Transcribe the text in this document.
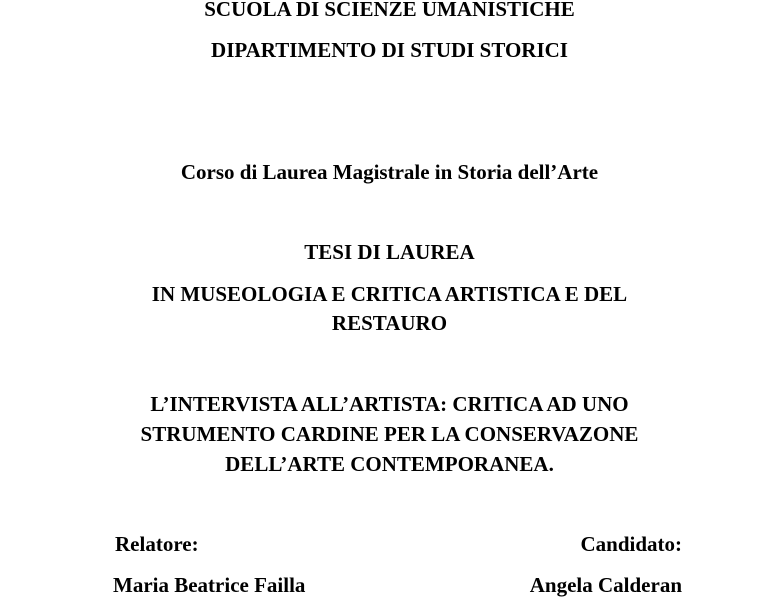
SCUOLA DI SCIENZE UMANISTICHE
DIPARTIMENTO DI STUDI STORICI
Corso di Laurea Magistrale in Storia dell’Arte
TESI DI LAUREA
IN MUSEOLOGIA E CRITICA ARTISTICA E DEL
RESTAURO
L’INTERVISTA ALL’ARTISTA: CRITICA AD UNO
STRUMENTO CARDINE PER LA CONSERVAZONE
DELL’ARTE CONTEMPORANEA.
Relatore:
Maria Beatrice Failla
Candidato:
Angela Calderan
